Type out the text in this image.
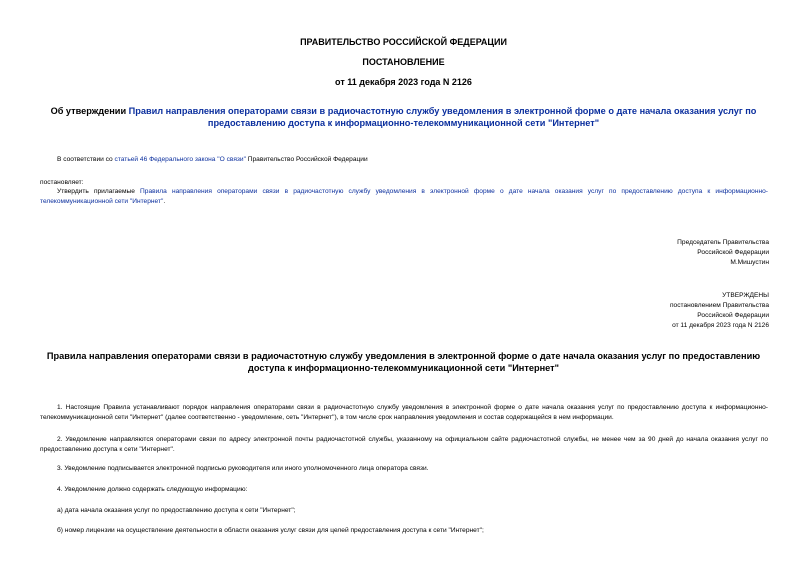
ПРАВИТЕЛЬСТВО РОССИЙСКОЙ ФЕДЕРАЦИИ
ПОСТАНОВЛЕНИЕ
от 11 декабря 2023 года N 2126
Об утверждении Правил направления операторами связи в радиочастотную службу уведомления в электронной форме о дате начала оказания услуг по предоставлению доступа к информационно-телекоммуникационной сети "Интернет"
В соответствии со статьей 46 Федерального закона "О связи" Правительство Российской Федерации
постановляет:
Утвердить прилагаемые Правила направления операторами связи в радиочастотную службу уведомления в электронной форме о дате начала оказания услуг по предоставлению доступа к информационно-телекоммуникационной сети "Интернет".
Председатель Правительства
Российской Федерации
М.Мишустин
УТВЕРЖДЕНЫ
постановлением Правительства
Российской Федерации
от 11 декабря 2023 года N 2126
Правила направления операторами связи в радиочастотную службу уведомления в электронной форме о дате начала оказания услуг по предоставлению доступа к информационно-телекоммуникационной сети "Интернет"
1. Настоящие Правила устанавливают порядок направления операторами связи в радиочастотную службу уведомления в электронной форме о дате начала оказания услуг по предоставлению доступа к информационно-телекоммуникационной сети "Интернет" (далее соответственно - уведомление, сеть "Интернет"), в том числе срок направления уведомления и состав содержащейся в нем информации.
2. Уведомление направляются операторами связи по адресу электронной почты радиочастотной службы, указанному на официальном сайте радиочастотной службы, не менее чем за 90 дней до начала оказания услуг по предоставлению доступа к сети "Интернет".
3. Уведомление подписывается электронной подписью руководителя или иного уполномоченного лица оператора связи.
4. Уведомление должно содержать следующую информацию:
а) дата начала оказания услуг по предоставлению доступа к сети "Интернет";
б) номер лицензии на осуществление деятельности в области оказания услуг связи для целей предоставления доступа к сети "Интернет";
